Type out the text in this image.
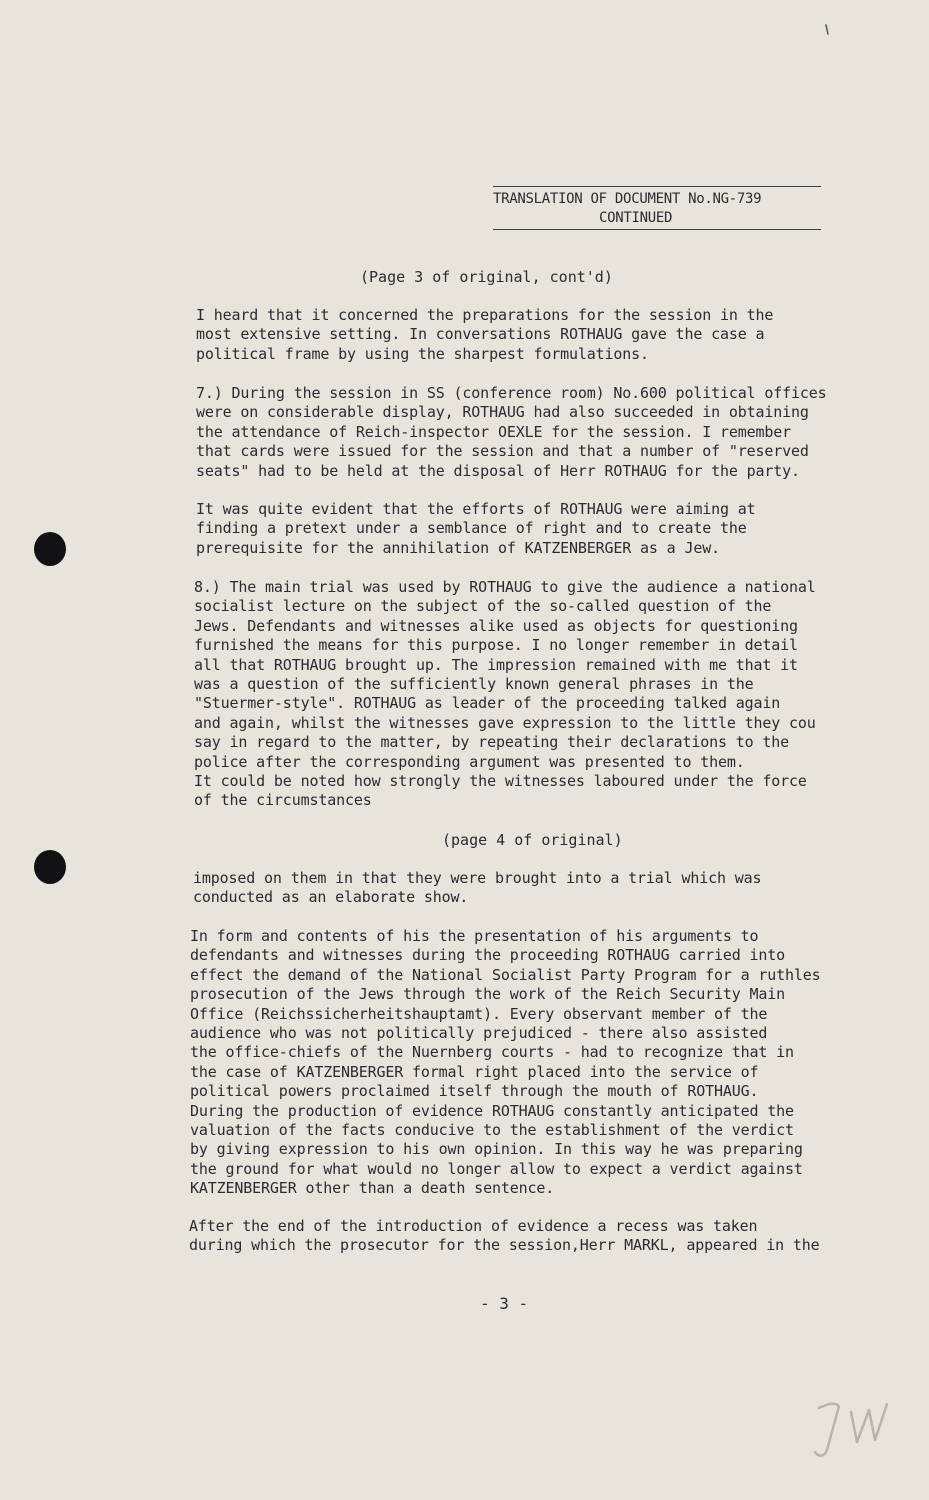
TRANSLATION OF DOCUMENT No.NG-739
CONTINUED
(Page 3 of original, cont'd)
I heard that it concerned the preparations for the session in the
most extensive setting. In conversations ROTHAUG gave the case a
political frame by using the sharpest formulations.
7.) During the session in SS (conference room) No.600 political offices
were on considerable display, ROTHAUG had also succeeded in obtaining
the attendance of Reich-inspector OEXLE for the session. I remember
that cards were issued for the session and that a number of "reserved
seats" had to be held at the disposal of Herr ROTHAUG for the party.
It was quite evident that the efforts of ROTHAUG were aiming at
finding a pretext under a semblance of right and to create the
prerequisite for the annihilation of KATZENBERGER as a Jew.
8.) The main trial was used by ROTHAUG to give the audience a national
socialist lecture on the subject of the so-called question of the
Jews. Defendants and witnesses alike used as objects for questioning
furnished the means for this purpose. I no longer remember in detail
all that ROTHAUG brought up. The impression remained with me that it
was a question of the sufficiently known general phrases in the
"Stuermer-style". ROTHAUG as leader of the proceeding talked again
and again, whilst the witnesses gave expression to the little they cou
say in regard to the matter, by repeating their declarations to the
police after the corresponding argument was presented to them.
It could be noted how strongly the witnesses laboured under the force
of the circumstances
(page 4 of original)
imposed on them in that they were brought into a trial which was
conducted as an elaborate show.
In form and contents of his the presentation of his arguments to
defendants and witnesses during the proceeding ROTHAUG carried into
effect the demand of the National Socialist Party Program for a ruthles
prosecution of the Jews through the work of the Reich Security Main
Office (Reichssicherheitshauptamt). Every observant member of the
audience who was not politically prejudiced - there also assisted
the office-chiefs of the Nuernberg courts - had to recognize that in
the case of KATZENBERGER formal right placed into the service of
political powers proclaimed itself through the mouth of ROTHAUG.
During the production of evidence ROTHAUG constantly anticipated the
valuation of the facts conducive to the establishment of the verdict
by giving expression to his own opinion. In this way he was preparing
the ground for what would no longer allow to expect a verdict against
KATZENBERGER other than a death sentence.
After the end of the introduction of evidence a recess was taken
during which the prosecutor for the session,Herr MARKL, appeared in the
- 3 -
